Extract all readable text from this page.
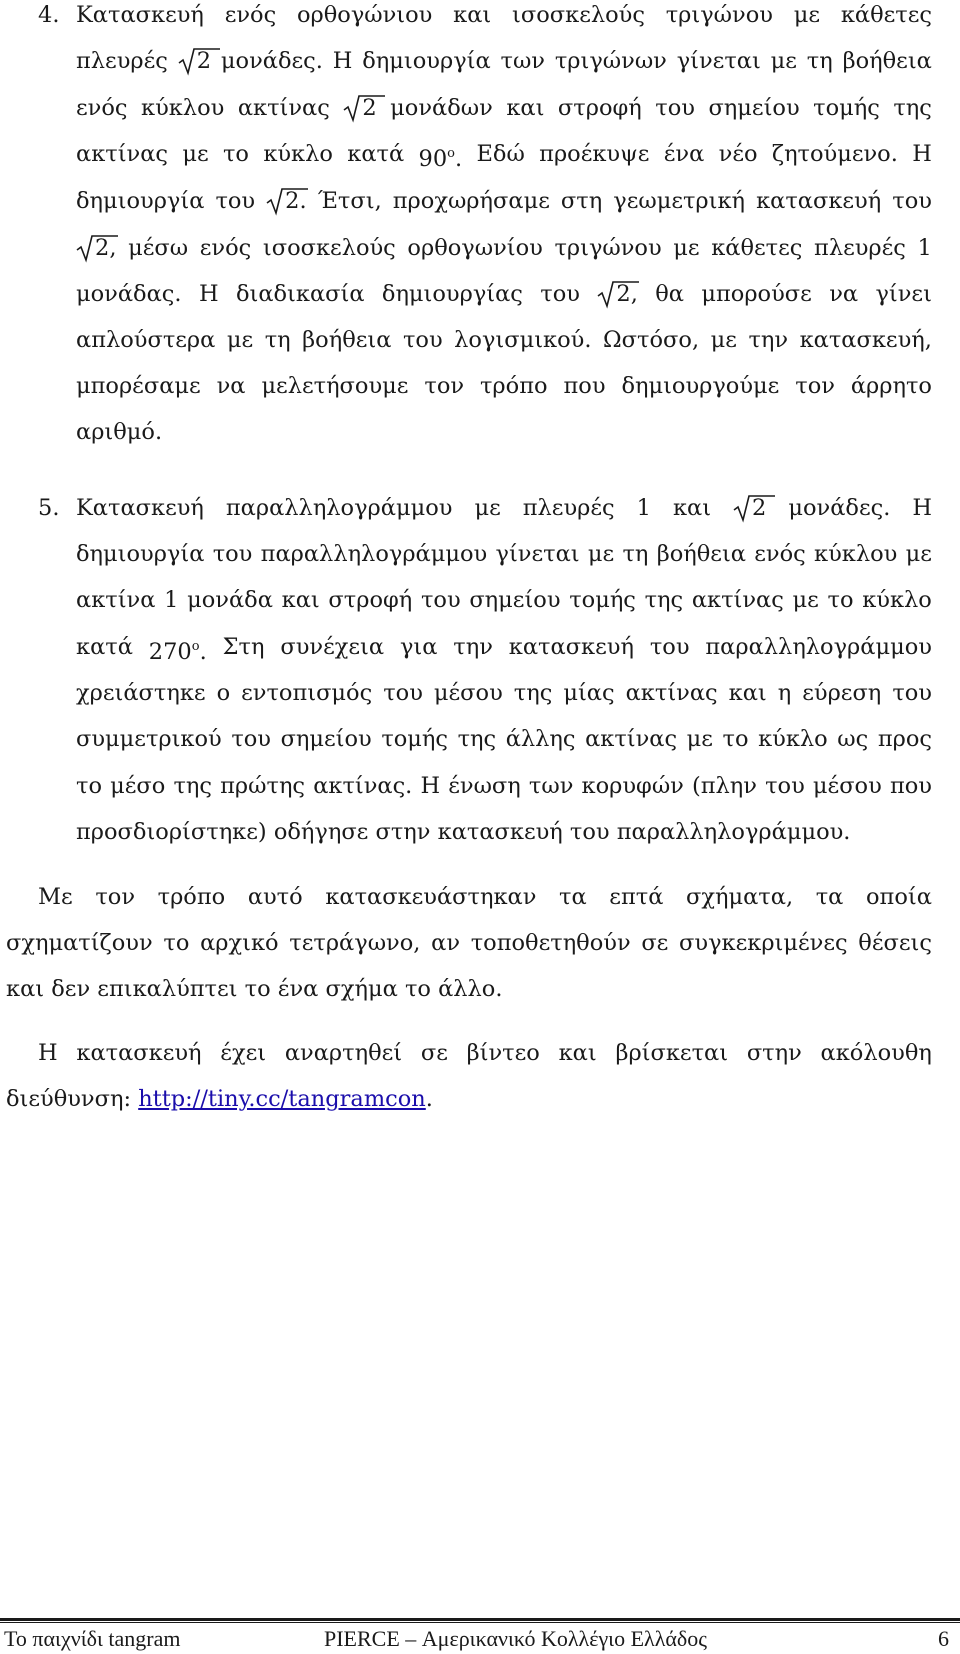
4. Κατασκευή ενός ορθογώνιου και ισοσκελούς τριγώνου με κάθετες
πλευρές	2 μονάδες. Η δημιουργία των τριγώνων γίνεται με τη βοήθεια
ενός κύκλου ακτίνας	2 μονάδων και στροφή του σημείου τομής της
ακτίνας με το κύκλο κατά $90^o$. Εδώ προέκυψε ένα νέο ζητούμενο. Η
δημιουργία του	2. Έτσι, προχωρήσαμε στη γεωμετρική κατασκευή του
2, μέσω ενός ισοσκελούς ορθογωνίου τριγώνου με κάθετες πλευρές 1
μονάδας. Η διαδικασία δημιουργίας του	2, θα μπορούσε να γίνει
απλούστερα με τη βοήθεια του λογισμικού. Ωστόσο, με την κατασκευή,
μπορέσαμε να μελετήσουμε τον τρόπο που δημιουργούμε τον άρρητο
αριθμό.
5. Κατασκευή παραλληλογράμμου με πλευρές 1 και	2 μονάδες. Η
δημιουργία του παραλληλογράμμου γίνεται με τη βοήθεια ενός κύκλου με
ακτίνα 1 μονάδα και στροφή του σημείου τομής της ακτίνας με το κύκλο
κατά $270^o$. Στη συνέχεια για την κατασκευή του παραλληλογράμμου
χρειάστηκε ο εντοπισμός του μέσου της μίας ακτίνας και η εύρεση του
συμμετρικού του σημείου τομής της άλλης ακτίνας με το κύκλο ως προς
το μέσο της πρώτης ακτίνας. Η ένωση των κορυφών (πλην του μέσου που
προσδιορίστηκε) οδήγησε στην κατασκευή του παραλληλογράμμου.
Με τον τρόπο αυτό κατασκευάστηκαν τα επτά σχήματα, τα οποία
σχηματίζουν το αρχικό τετράγωνο, αν τοποθετηθούν σε συγκεκριμένες θέσεις
και δεν επικαλύπτει το ένα σχήμα το άλλο.
Η κατασκευή έχει αναρτηθεί σε βίντεο και βρίσκεται στην ακόλουθη
διεύθυνση: http://tiny.cc/tangramcon.
Το παιχνίδι tangram	PIERCE – Αμερικανικό Κολλέγιο Ελλάδος	6
